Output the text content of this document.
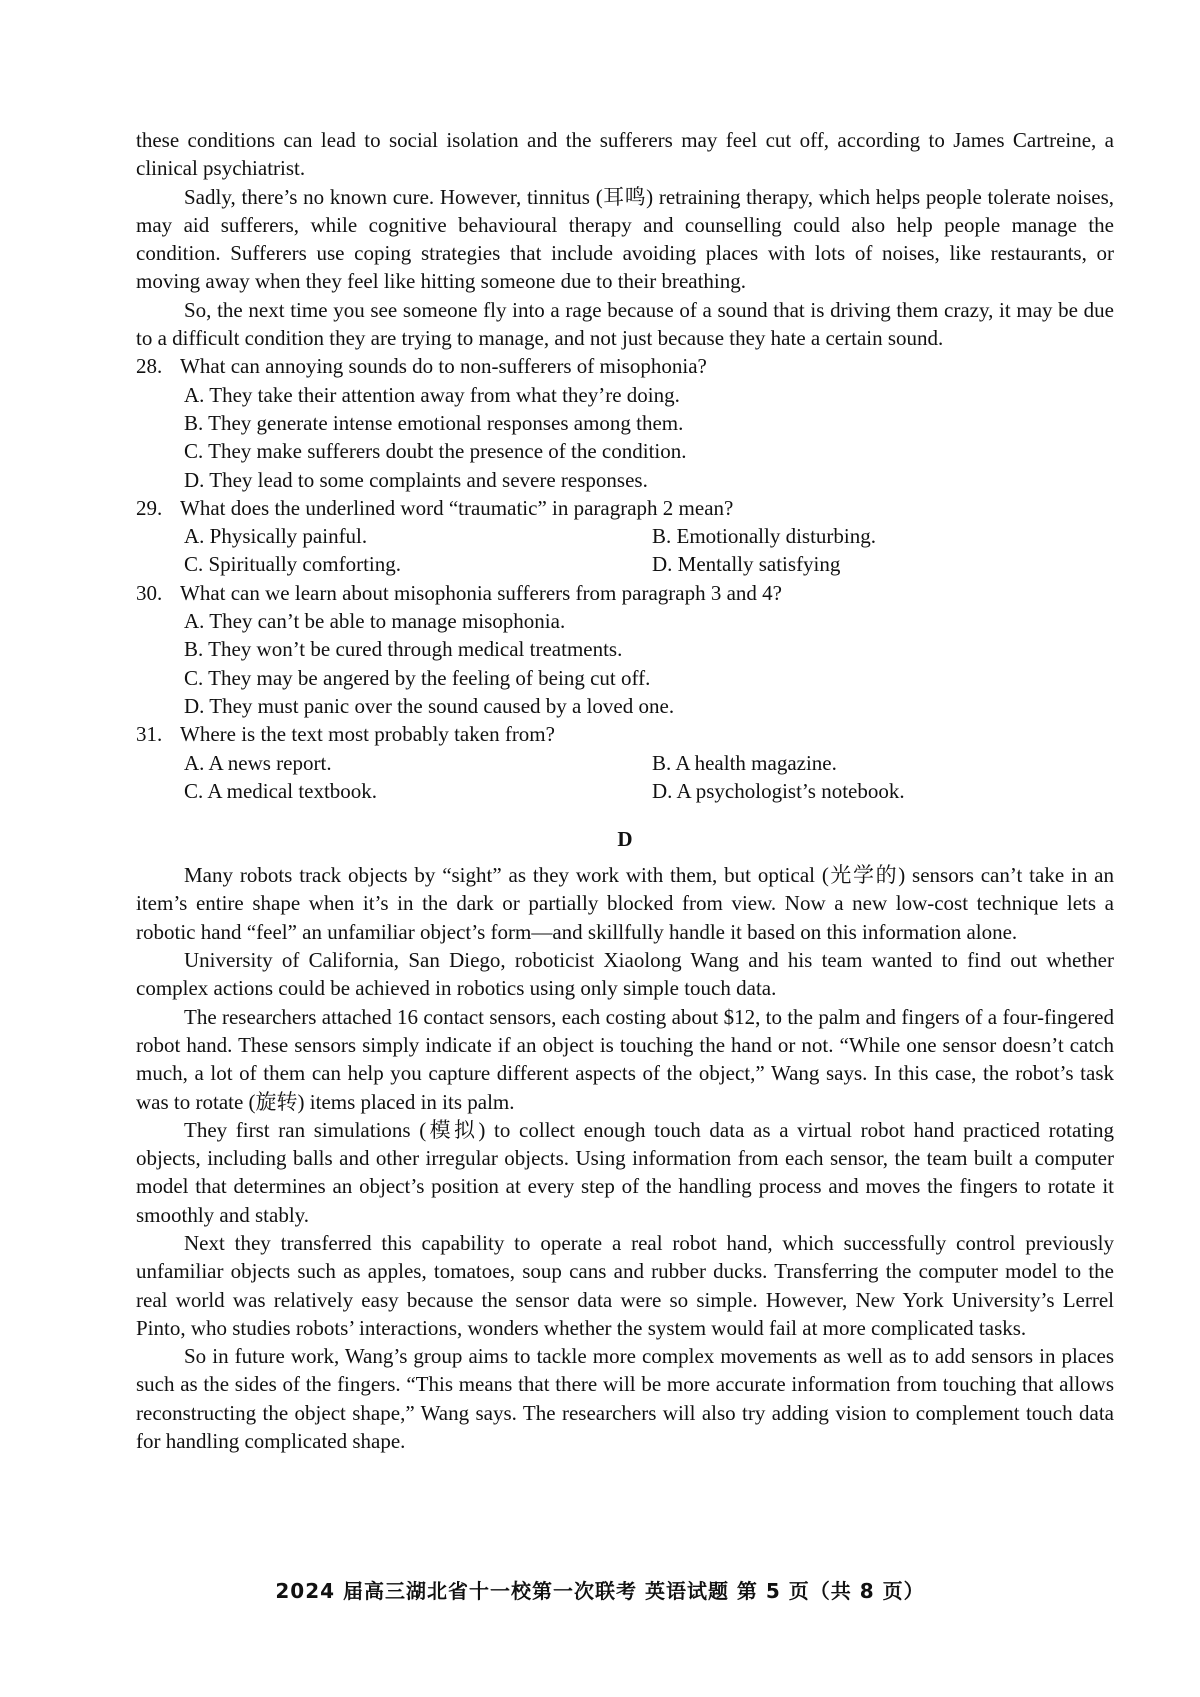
these conditions can lead to social isolation and the sufferers may feel cut off, according to James Cartreine, a clinical psychiatrist.

Sadly, there’s no known cure. However, tinnitus (耳鸣) retraining therapy, which helps people tolerate noises, may aid sufferers, while cognitive behavioural therapy and counselling could also help people manage the condition. Sufferers use coping strategies that include avoiding places with lots of noises, like restaurants, or moving away when they feel like hitting someone due to their breathing.

So, the next time you see someone fly into a rage because of a sound that is driving them crazy, it may be due to a difficult condition they are trying to manage, and not just because they hate a certain sound.

28. What can annoying sounds do to non-sufferers of misophonia?
A. They take their attention away from what they’re doing.
B. They generate intense emotional responses among them.
C. They make sufferers doubt the presence of the condition.
D. They lead to some complaints and severe responses.
29. What does the underlined word “traumatic” in paragraph 2 mean?
A. Physically painful.	B. Emotionally disturbing.
C. Spiritually comforting.	D. Mentally satisfying
30. What can we learn about misophonia sufferers from paragraph 3 and 4?
A. They can’t be able to manage misophonia.
B. They won’t be cured through medical treatments.
C. They may be angered by the feeling of being cut off.
D. They must panic over the sound caused by a loved one.
31. Where is the text most probably taken from?
A. A news report.	B. A health magazine.
C. A medical textbook.	D. A psychologist’s notebook.
D

Many robots track objects by “sight” as they work with them, but optical (光学的) sensors can’t take in an item’s entire shape when it’s in the dark or partially blocked from view. Now a new low-cost technique lets a robotic hand “feel” an unfamiliar object’s form—and skillfully handle it based on this information alone.

University of California, San Diego, roboticist Xiaolong Wang and his team wanted to find out whether complex actions could be achieved in robotics using only simple touch data.

The researchers attached 16 contact sensors, each costing about $12, to the palm and fingers of a four-fingered robot hand. These sensors simply indicate if an object is touching the hand or not. “While one sensor doesn’t catch much, a lot of them can help you capture different aspects of the object,” Wang says. In this case, the robot’s task was to rotate (旋转) items placed in its palm.

They first ran simulations (模拟) to collect enough touch data as a virtual robot hand practiced rotating objects, including balls and other irregular objects. Using information from each sensor, the team built a computer model that determines an object’s position at every step of the handling process and moves the fingers to rotate it smoothly and stably.

Next they transferred this capability to operate a real robot hand, which successfully control previously unfamiliar objects such as apples, tomatoes, soup cans and rubber ducks. Transferring the computer model to the real world was relatively easy because the sensor data were so simple. However, New York University’s Lerrel Pinto, who studies robots’ interactions, wonders whether the system would fail at more complicated tasks.

So in future work, Wang’s group aims to tackle more complex movements as well as to add sensors in places such as the sides of the fingers. “This means that there will be more accurate information from touching that allows reconstructing the object shape,” Wang says. The researchers will also try adding vision to complement touch data for handling complicated shape.

2024 届高三湖北省十一校第一次联考 英语试题 第 5 页（共 8 页）
